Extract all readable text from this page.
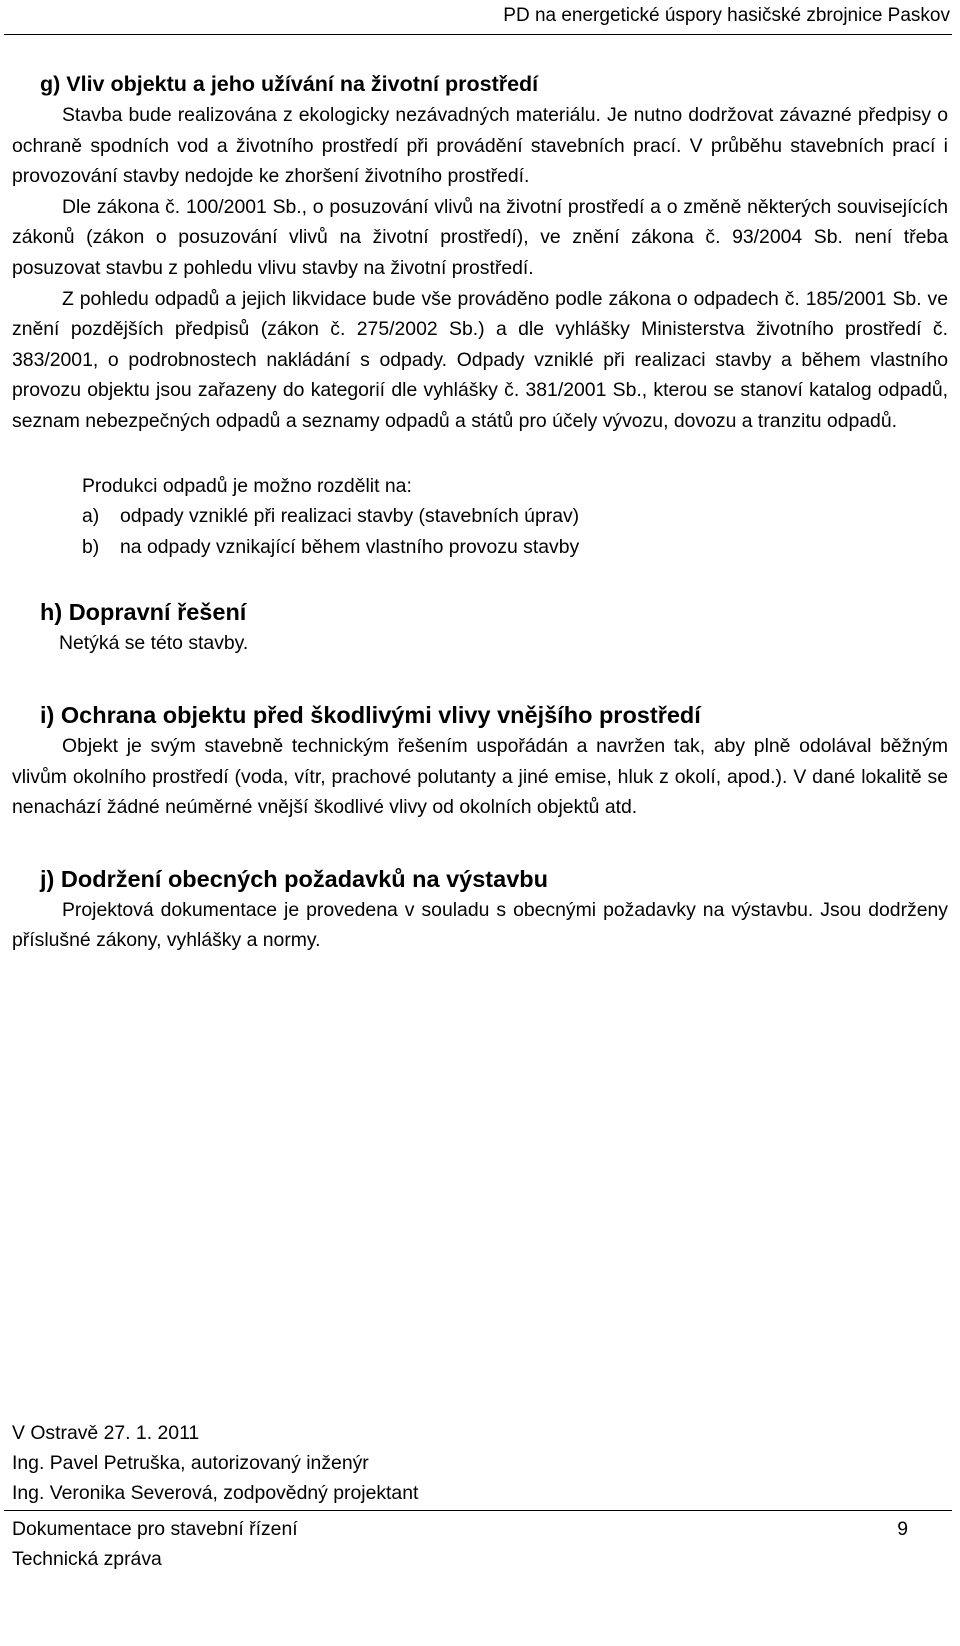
PD na energetické úspory hasičské zbrojnice Paskov
g) Vliv objektu a jeho užívání na životní prostředí

Stavba bude realizována z ekologicky nezávadných materiálu. Je nutno dodržovat závazné předpisy o ochraně spodních vod a životního prostředí při provádění stavebních prací. V průběhu stavebních prací i provozování stavby nedojde ke zhoršení životního prostředí.

Dle zákona č. 100/2001 Sb., o posuzování vlivů na životní prostředí a o změně některých souvisejících zákonů (zákon o posuzování vlivů na životní prostředí), ve znění zákona č. 93/2004 Sb. není třeba posuzovat stavbu z pohledu vlivu stavby na životní prostředí.

Z pohledu odpadů a jejich likvidace bude vše prováděno podle zákona o odpadech č. 185/2001 Sb. ve znění pozdějších předpisů (zákon č. 275/2002 Sb.) a dle vyhlášky Ministerstva životního prostředí č. 383/2001, o podrobnostech nakládání s odpady. Odpady vzniklé při realizaci stavby a během vlastního provozu objektu jsou zařazeny do kategorií dle vyhlášky č. 381/2001 Sb., kterou se stanoví katalog odpadů, seznam nebezpečných odpadů a seznamy odpadů a států pro účely vývozu, dovozu a tranzitu odpadů.

Produkci odpadů je možno rozdělit na:

a)	odpady vzniklé při realizaci stavby (stavebních úprav)
b)	na odpady vznikající během vlastního provozu stavby
h) Dopravní řešení

Netýká se této stavby.

i) Ochrana objektu před škodlivými vlivy vnějšího prostředí

Objekt je svým stavebně technickým řešením uspořádán a navržen tak, aby plně odolával běžným vlivům okolního prostředí (voda, vítr, prachové polutanty a jiné emise, hluk z okolí, apod.). V dané lokalitě se nenachází žádné neúměrné vnější škodlivé vlivy od okolních objektů atd.

j) Dodržení obecných požadavků na výstavbu

Projektová dokumentace je provedena v souladu s obecnými požadavky na výstavbu. Jsou dodrženy příslušné zákony, vyhlášky a normy.

V Ostravě 27. 1. 2011
Ing. Pavel Petruška, autorizovaný inženýr
Ing. Veronika Severová, zodpovědný projektant
Dokumentace pro stavební řízení
Technická zpráva
9
